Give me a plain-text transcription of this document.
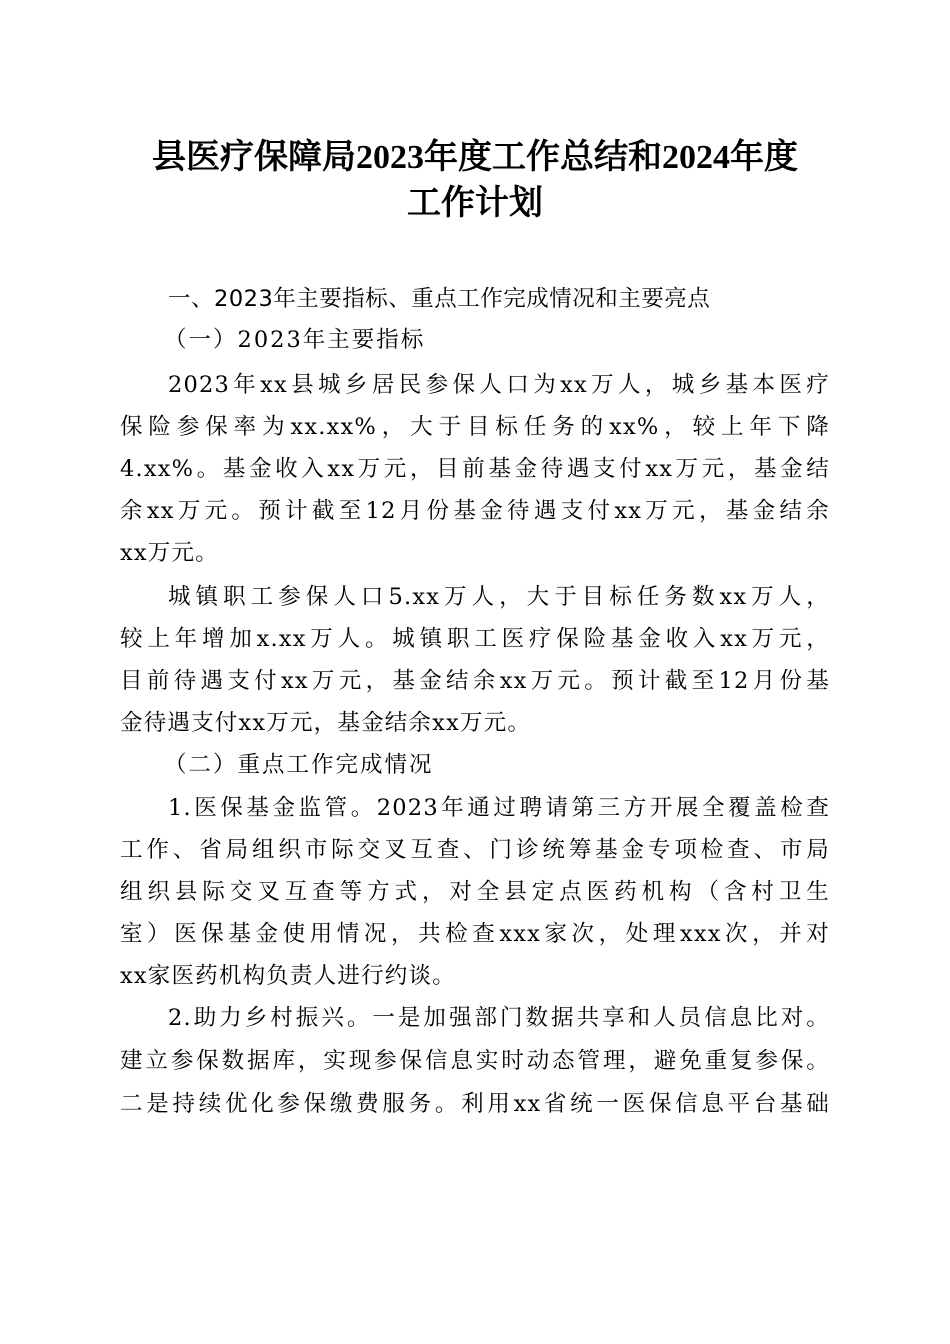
县医疗保障局2023年度工作总结和2024年度
工作计划
一、2023年主要指标、重点工作完成情况和主要亮点
（一）2023年主要指标
2​0​2​3​年​x​x​县​城​乡​居​民​参​保​人​口​为​x​x​万​人​，​城​乡​基​本​医​疗
保​险​参​保​率​为​x​x​.​x​x​%​，​大​于​目​标​任​务​的​x​x​%​，​较​上​年​下​降
4​.​x​x​%​。​基​金​收​入​x​x​万​元​，​目​前​基​金​待​遇​支​付​x​x​万​元​，​基​金​结
余​x​x​万​元​。​预​计​截​至​1​2​月​份​基​金​待​遇​支​付​x​x​万​元​，​基​金​结​余
xx万元。
城​镇​职​工​参​保​人​口​5​.​x​x​万​人​，​大​于​目​标​任​务​数​x​x​万​人​，
较​上​年​增​加​x​.​x​x​万​人​。​城​镇​职​工​医​疗​保​险​基​金​收​入​x​x​万​元​，
目​前​待​遇​支​付​x​x​万​元​，​基​金​结​余​x​x​万​元​。​预​计​截​至​1​2​月​份​基
金待遇支付xx万元，基金结余xx万元。
（二）重点工作完成情况
1​.​医​保​基​金​监​管​。​2​0​2​3​年​通​过​聘​请​第​三​方​开​展​全​覆​盖​检​查
工​作​、​省​局​组​织​市​际​交​叉​互​查​、​门​诊​统​筹​基​金​专​项​检​查​、​市​局
组​织​县​际​交​叉​互​查​等​方​式​，​对​全​县​定​点​医​药​机​构​（​含​村​卫​生
室​）​医​保​基​金​使​用​情​况​，​共​检​查​x​x​x​家​次​，​处​理​x​x​x​次​，​并​对
xx家医药机构负责人进行约谈。
2​.​助​力​乡​村​振​兴​。​一​是​加​强​部​门​数​据​共​享​和​人​员​信​息​比​对​。
建​立​参​保​数​据​库​，​实​现​参​保​信​息​实​时​动​态​管​理​，​避​免​重​复​参​保​。
二​是​持​续​优​化​参​保​缴​费​服​务​。​利​用​x​x​省​统​一​医​保​信​息​平​台​基​础
